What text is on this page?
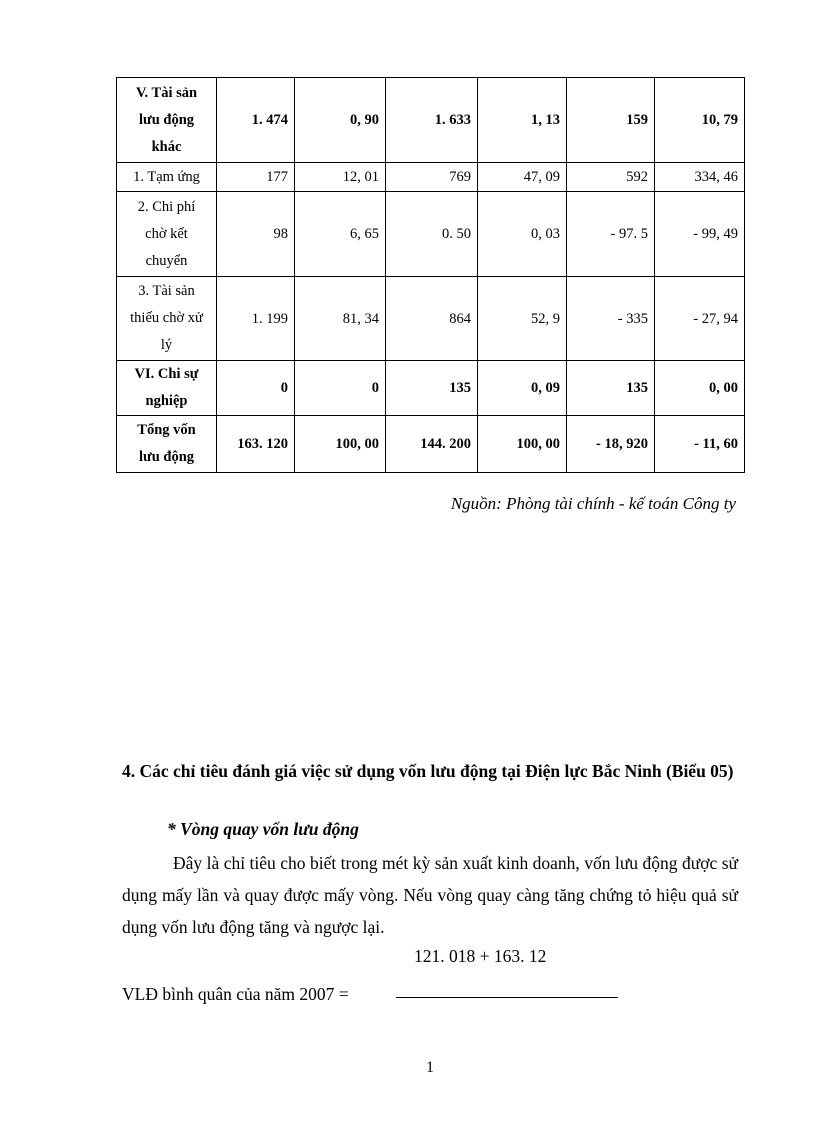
V. Tài sản lưu động khác	1. 474	0, 90	1. 633	1, 13	159	10, 79

1. Tạm ứng	177	12, 01	769	47, 09	592	334, 46

2. Chi phí chờ kết chuyển	98	6, 65	0. 50	0, 03	- 97. 5	- 99, 49

3. Tài sản thiếu chờ xử lý	1. 199	81, 34	864	52, 9	- 335	- 27, 94

VI. Chi sự nghiệp	0	0	135	0, 09	135	0, 00

Tổng vốn lưu động	163. 120	100, 00	144. 200	100, 00	- 18, 920	- 11, 60
Nguồn: Phòng tài chính - kế toán Công ty
4. Các chỉ tiêu đánh giá việc sử dụng vốn lưu động tại Điện lực Bắc Ninh (Biểu 05)
* Vòng quay vốn lưu động
Đây là chỉ tiêu cho biết trong mét kỳ sản xuất kinh doanh, vốn lưu động được sử dụng mấy lần và quay được mấy vòng. Nếu vòng quay càng tăng chứng tỏ hiệu quả sử dụng vốn lưu động tăng và ngược lại.
121. 018 + 163. 12
VLĐ bình quân của năm 2007 =
1
